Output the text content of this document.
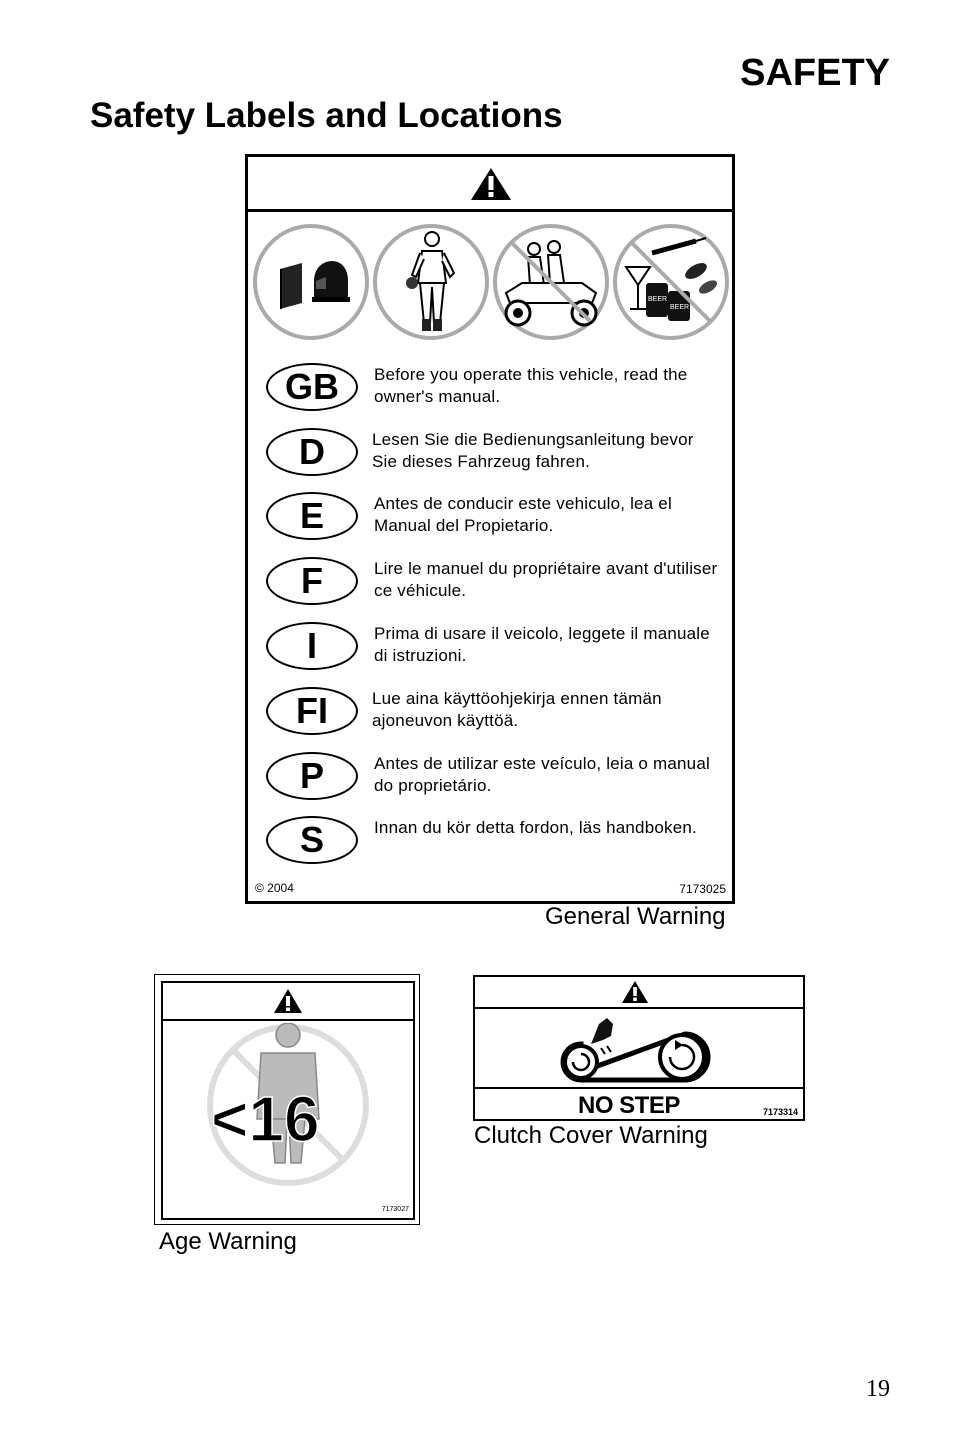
SAFETY
Safety Labels and Locations
BEER
BEER
GB	Before you operate this vehicle, read the owner's manual.
D	Lesen Sie die Bedienungsanleitung bevor Sie dieses Fahrzeug fahren.
E	Antes de conducir este vehiculo, lea el Manual del Propietario.
F	Lire le manuel du propriétaire avant d'utiliser ce véhicule.
I	Prima di usare il veicolo, leggete il manuale di istruzioni.
FI	Lue aina käyttöohjekirja ennen tämän ajoneuvon käyttöä.
P	Antes de utilizar este veículo, leia o manual do proprietário.
S	Innan du kör detta fordon, läs handboken.
© 2004	7173025
General Warning
<16
7173027
Age Warning
NO STEP	7173314
Clutch Cover Warning
19
